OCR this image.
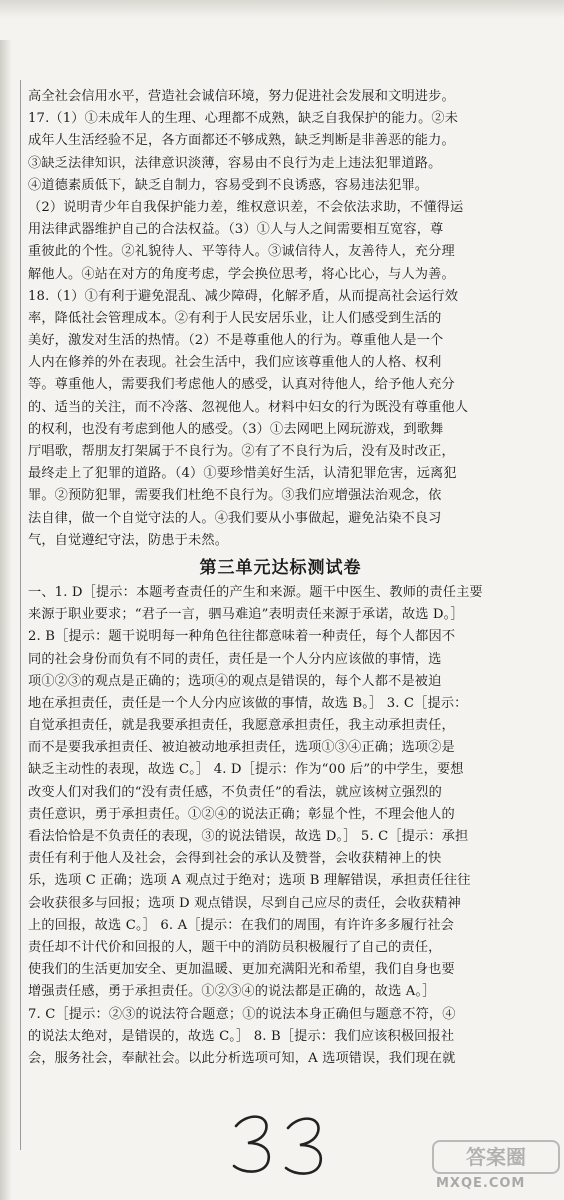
高全社会信用水平，营造社会诚信环境，努力促进社会发展和文明进步。
17.（1）①未成年人的生理、心理都不成熟，缺乏自我保护的能力。②未
成年人生活经验不足，各方面都还不够成熟，缺乏判断是非善恶的能力。
③缺乏法律知识，法律意识淡薄，容易由不良行为走上违法犯罪道路。
④道德素质低下，缺乏自制力，容易受到不良诱惑，容易违法犯罪。
（2）说明青少年自我保护能力差，维权意识差，不会依法求助，不懂得运
用法律武器维护自己的合法权益。（3）①人与人之间需要相互宽容，尊
重彼此的个性。②礼貌待人、平等待人。③诚信待人，友善待人，充分理
解他人。④站在对方的角度考虑，学会换位思考，将心比心，与人为善。
18.（1）①有利于避免混乱、减少障碍，化解矛盾，从而提高社会运行效
率，降低社会管理成本。②有利于人民安居乐业，让人们感受到生活的
美好，激发对生活的热情。（2）不是尊重他人的行为。尊重他人是一个
人内在修养的外在表现。社会生活中，我们应该尊重他人的人格、权利
等。尊重他人，需要我们考虑他人的感受，认真对待他人，给予他人充分
的、适当的关注，而不冷落、忽视他人。材料中妇女的行为既没有尊重他人
的权利，也没有考虑到他人的感受。（3）①去网吧上网玩游戏，到歌舞
厅唱歌，帮朋友打架属于不良行为。②有了不良行为后，没有及时改正，
最终走上了犯罪的道路。（4）①要珍惜美好生活，认清犯罪危害，远离犯
罪。②预防犯罪，需要我们杜绝不良行为。③我们应增强法治观念，依
法自律，做一个自觉守法的人。④我们要从小事做起，避免沾染不良习
气，自觉遵纪守法，防患于未然。
第三单元达标测试卷
一、1. D［提示：本题考查责任的产生和来源。题干中医生、教师的责任主要
来源于职业要求；“君子一言，驷马难追”表明责任来源于承诺，故选 D。］
2. B［提示：题干说明每一种角色往往都意味着一种责任，每个人都因不
同的社会身份而负有不同的责任，责任是一个人分内应该做的事情，选
项①②③的观点是正确的；选项④的观点是错误的，每个人都不是被迫
地在承担责任，责任是一个人分内应该做的事情，故选 B。］ 3. C［提示：
自觉承担责任，就是我要承担责任，我愿意承担责任，我主动承担责任，
而不是要我承担责任、被迫被动地承担责任，选项①③④正确；选项②是
缺乏主动性的表现，故选 C。］ 4. D［提示：作为“00 后”的中学生，要想
改变人们对我们的“没有责任感，不负责任”的看法，就应该树立强烈的
责任意识，勇于承担责任。①②④的说法正确；彰显个性，不理会他人的
看法恰恰是不负责任的表现，③的说法错误，故选 D。］ 5. C［提示：承担
责任有利于他人及社会，会得到社会的承认及赞誉，会收获精神上的快
乐，选项 C 正确；选项 A 观点过于绝对；选项 B 理解错误，承担责任往往
会收获很多与回报；选项 D 观点错误，尽到自己应尽的责任，会收获精神
上的回报，故选 C。］ 6. A［提示：在我们的周围，有许许多多履行社会
责任却不计代价和回报的人，题干中的消防员积极履行了自己的责任，
使我们的生活更加安全、更加温暖、更加充满阳光和希望，我们自身也要
增强责任感，勇于承担责任。①②③④的说法都是正确的，故选 A。］
7. C［提示：②③的说法符合题意；①的说法本身正确但与题意不符，④
的说法太绝对，是错误的，故选 C。］ 8. B［提示：我们应该积极回报社
会，服务社会，奉献社会。以此分析选项可知，A 选项错误，我们现在就
答案圈
MXQE.COM
